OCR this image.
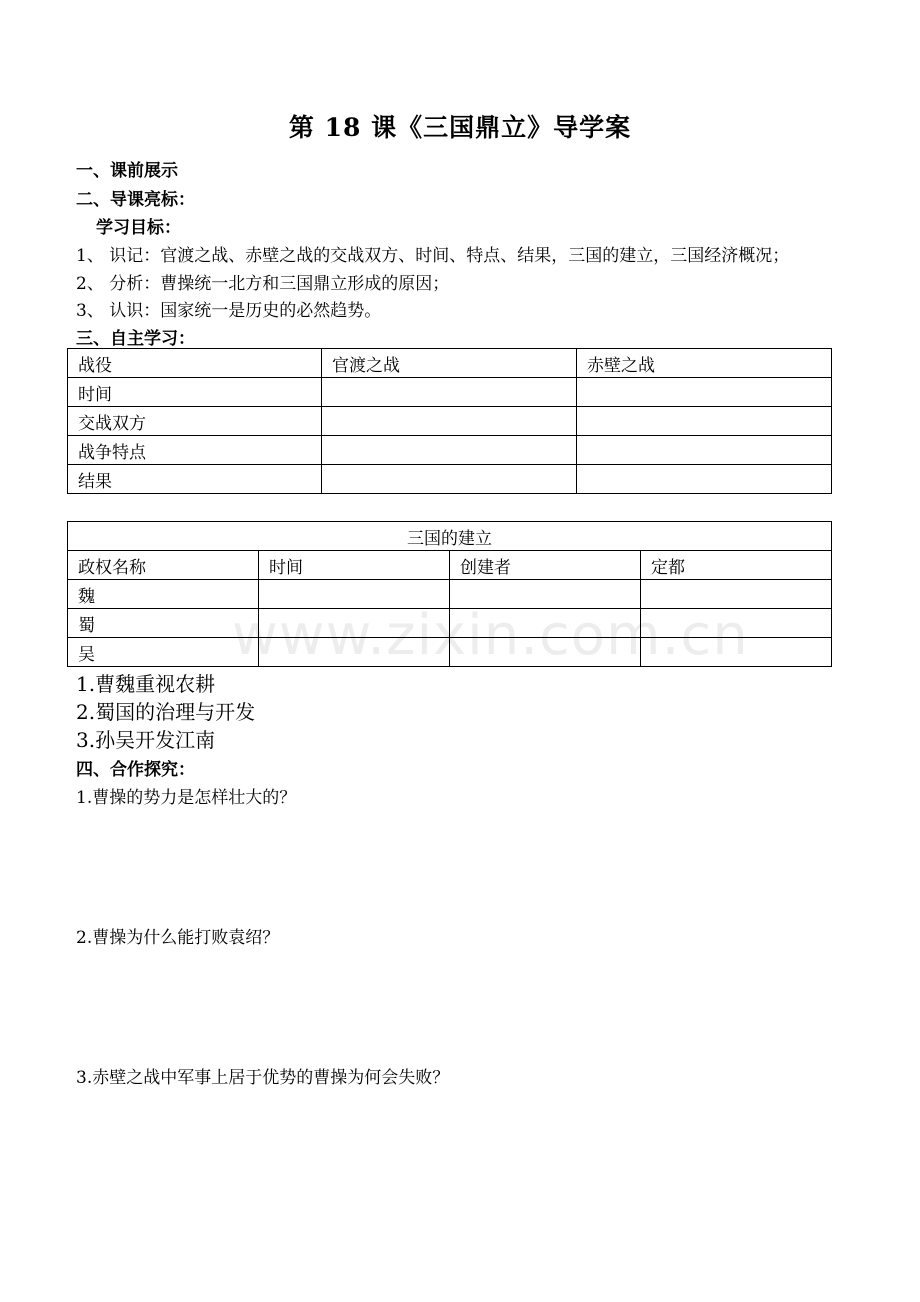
第 18 课《三国鼎立》导学案
一、课前展示
二、导课亮标：
学习目标：
1、 识记：官渡之战、赤壁之战的交战双方、时间、特点、结果，三国的建立，三国经济概况；
2、 分析：曹操统一北方和三国鼎立形成的原因；
3、 认识：国家统一是历史的必然趋势。
三、自主学习：
战役	官渡之战	赤壁之战
时间		
交战双方		
战争特点		
结果		
三国的建立			
政权名称	时间	创建者	定都
魏			
蜀			
吴			
1.曹魏重视农耕
2.蜀国的治理与开发
3.孙吴开发江南
四、合作探究：
1.曹操的势力是怎样壮大的？
2.曹操为什么能打败袁绍？
3.赤壁之战中军事上居于优势的曹操为何会失败？
www.zixin.com.cn
